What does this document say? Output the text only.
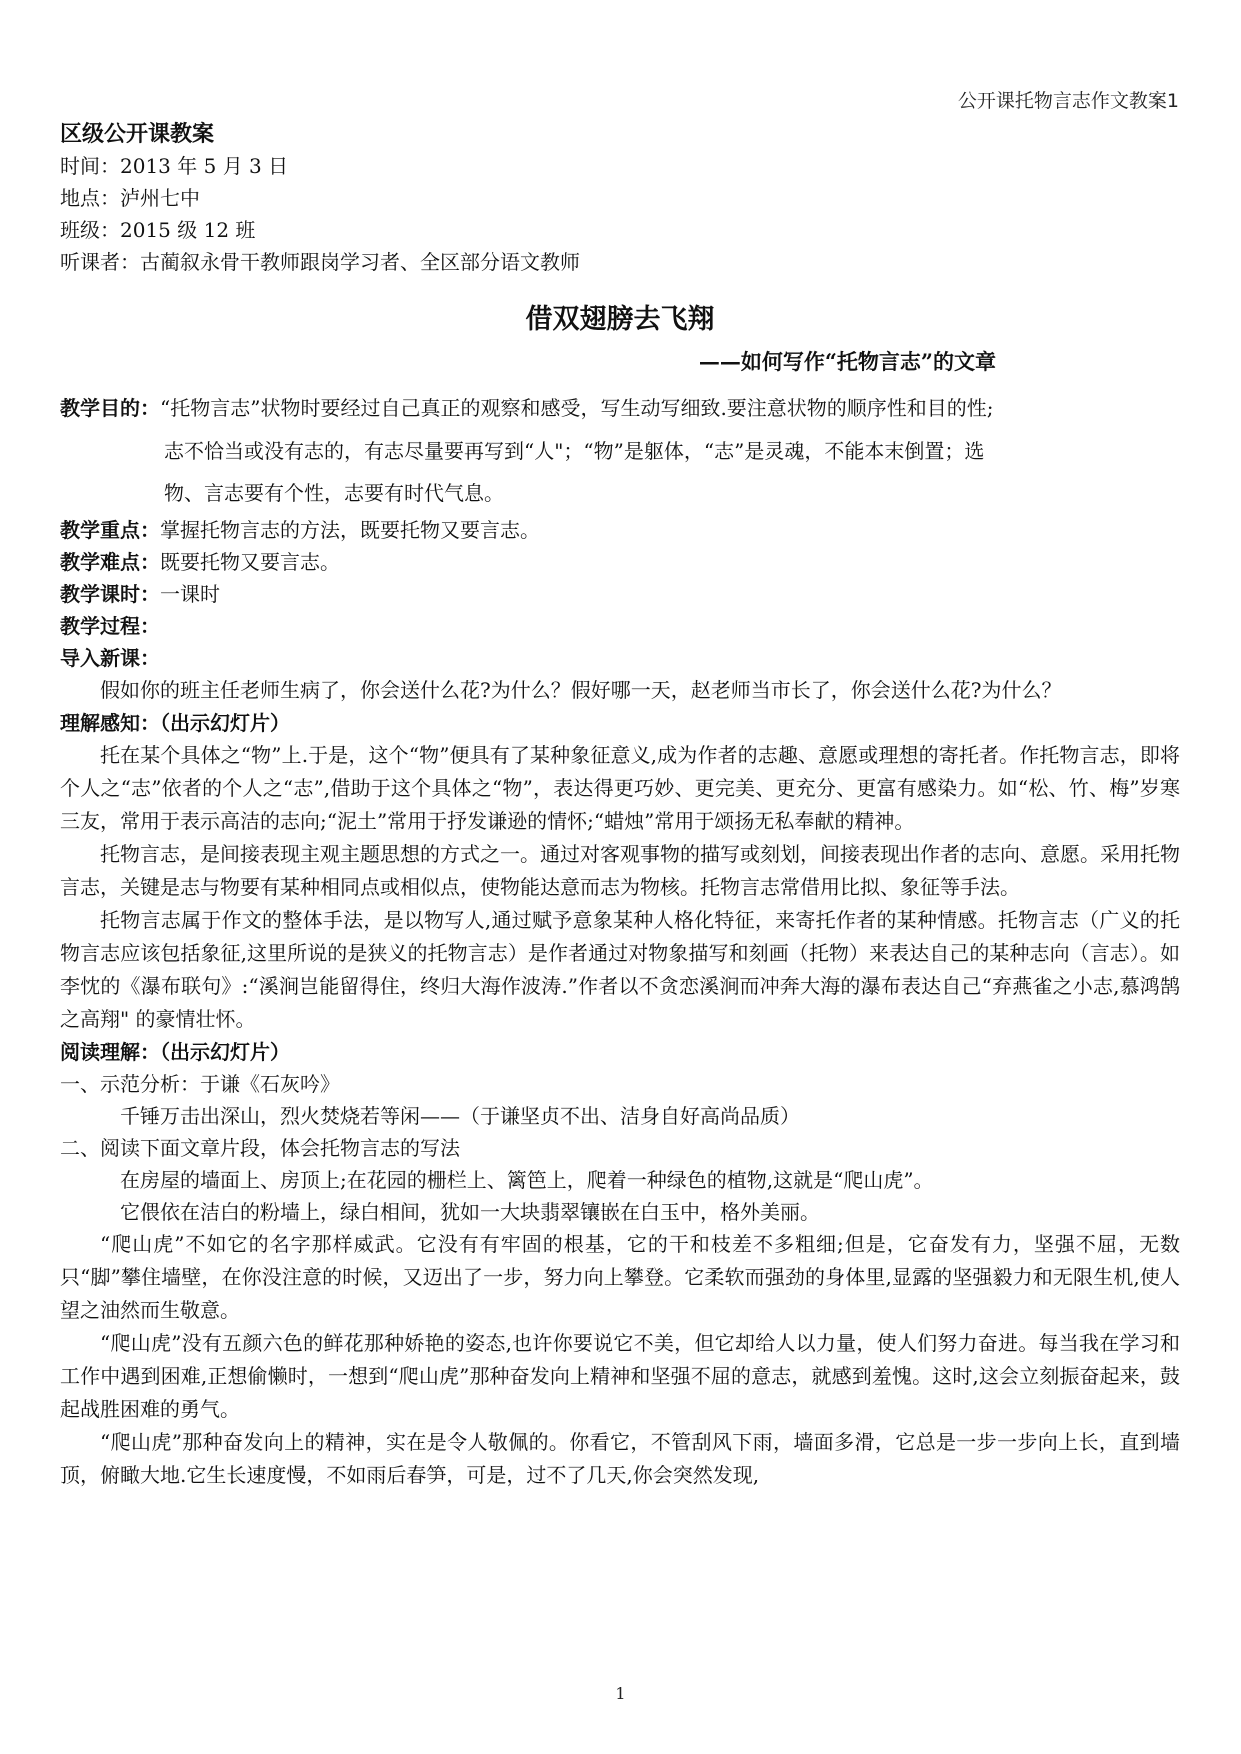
公开课托物言志作文教案1

区级公开课教案

时间：2013 年 5 月 3 日

地点：泸州七中

班级：2015 级 12 班

听课者：古蔺叙永骨干教师跟岗学习者、全区部分语文教师

借双翅膀去飞翔

——如何写作“托物言志”的文章

教学目的：“托物言志”状物时要经过自己真正的观察和感受，写生动写细致.要注意状物的顺序性和目的性;

志不恰当或没有志的，有志尽量要再写到“人"；“物”是躯体，“志”是灵魂，不能本末倒置；选

物、言志要有个性，志要有时代气息。

教学重点：掌握托物言志的方法，既要托物又要言志。

教学难点：既要托物又要言志。

教学课时：一课时

教学过程：

导入新课：

假如你的班主任老师生病了，你会送什么花?为什么？假好哪一天，赵老师当市长了，你会送什么花?为什么？

理解感知：（出示幻灯片）

托在某个具体之“物”上.于是，这个“物”便具有了某种象征意义,成为作者的志趣、意愿或理想的寄托者。作托物言志，即将个人之“志”依者的个人之“志”,借助于这个具体之“物”，表达得更巧妙、更完美、更充分、更富有感染力。如“松、竹、梅”岁寒三友，常用于表示高洁的志向;“泥土”常用于抒发谦逊的情怀;“蜡烛”常用于颂扬无私奉献的精神。

托物言志，是间接表现主观主题思想的方式之一。通过对客观事物的描写或刻划，间接表现出作者的志向、意愿。采用托物言志，关键是志与物要有某种相同点或相似点，使物能达意而志为物核。托物言志常借用比拟、象征等手法。

托物言志属于作文的整体手法，是以物写人,通过赋予意象某种人格化特征，来寄托作者的某种情感。托物言志（广义的托物言志应该包括象征,这里所说的是狭义的托物言志）是作者通过对物象描写和刻画（托物）来表达自己的某种志向（言志）。如李忱的《瀑布联句》:“溪涧岂能留得住，终归大海作波涛.”作者以不贪恋溪涧而冲奔大海的瀑布表达自己“弃燕雀之小志,慕鸿鹄之高翔" 的豪情壮怀。

阅读理解：（出示幻灯片）

一、示范分析：于谦《石灰吟》

千锤万击出深山，烈火焚烧若等闲——（于谦坚贞不出、洁身自好高尚品质）

二、阅读下面文章片段，体会托物言志的写法

在房屋的墙面上、房顶上;在花园的栅栏上、篱笆上，爬着一种绿色的植物,这就是“爬山虎”。

它偎依在洁白的粉墙上，绿白相间，犹如一大块翡翠镶嵌在白玉中，格外美丽。

“爬山虎”不如它的名字那样威武。它没有有牢固的根基，它的干和枝差不多粗细;但是，它奋发有力，坚强不屈，无数只“脚”攀住墙壁，在你没注意的时候，又迈出了一步，努力向上攀登。它柔软而强劲的身体里,显露的坚强毅力和无限生机,使人望之油然而生敬意。

“爬山虎”没有五颜六色的鲜花那种娇艳的姿态,也许你要说它不美，但它却给人以力量，使人们努力奋进。每当我在学习和工作中遇到困难,正想偷懒时，一想到“爬山虎”那种奋发向上精神和坚强不屈的意志，就感到羞愧。这时,这会立刻振奋起来，鼓起战胜困难的勇气。

“爬山虎”那种奋发向上的精神，实在是令人敬佩的。你看它，不管刮风下雨，墙面多滑，它总是一步一步向上长，直到墙顶，俯瞰大地.它生长速度慢，不如雨后春笋，可是，过不了几天,你会突然发现,

1
